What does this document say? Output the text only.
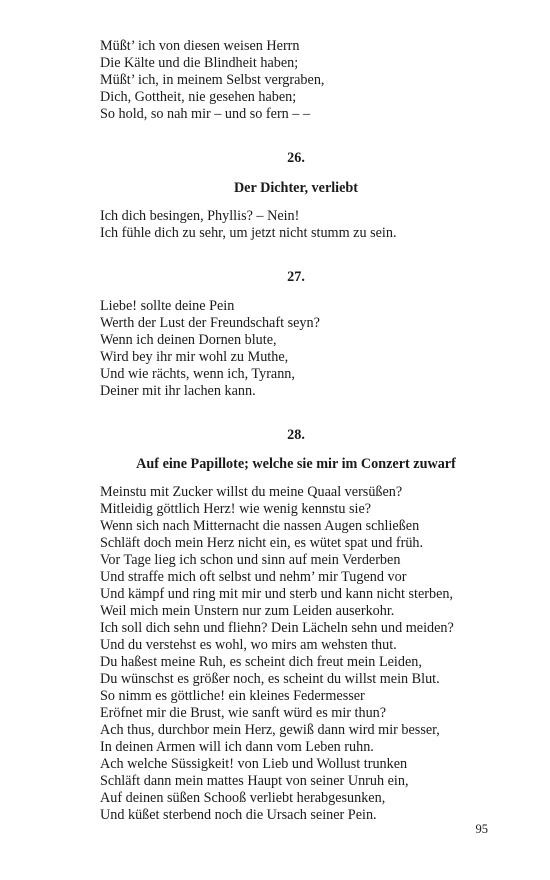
Müßt’ ich von diesen weisen Herrn
Die Kälte und die Blindheit haben;
Müßt’ ich, in meinem Selbst vergraben,
Dich, Gottheit, nie gesehen haben;
So hold, so nah mir – und so fern – –
26.
Der Dichter, verliebt
Ich dich besingen, Phyllis? – Nein!
Ich fühle dich zu sehr, um jetzt nicht stumm zu sein.
27.
Liebe! sollte deine Pein
Werth der Lust der Freundschaft seyn?
Wenn ich deinen Dornen blute,
Wird bey ihr mir wohl zu Muthe,
Und wie rächts, wenn ich, Tyrann,
Deiner mit ihr lachen kann.
28.
Auf eine Papillote; welche sie mir im Conzert zuwarf
Meinstu mit Zucker willst du meine Quaal versüßen?
Mitleidig göttlich Herz! wie wenig kennstu sie?
Wenn sich nach Mitternacht die nassen Augen schließen
Schläft doch mein Herz nicht ein, es wütet spat und früh.
Vor Tage lieg ich schon und sinn auf mein Verderben
Und straffe mich oft selbst und nehm’ mir Tugend vor
Und kämpf und ring mit mir und sterb und kann nicht sterben,
Weil mich mein Unstern nur zum Leiden auserkohr.
Ich soll dich sehn und fliehn? Dein Lächeln sehn und meiden?
Und du verstehst es wohl, wo mirs am wehsten thut.
Du haßest meine Ruh, es scheint dich freut mein Leiden,
Du wünschst es größer noch, es scheint du willst mein Blut.
So nimm es göttliche! ein kleines Federmesser
Eröfnet mir die Brust, wie sanft würd es mir thun?
Ach thus, durchbor mein Herz, gewiß dann wird mir besser,
In deinen Armen will ich dann vom Leben ruhn.
Ach welche Süssigkeit! von Lieb und Wollust trunken
Schläft dann mein mattes Haupt von seiner Unruh ein,
Auf deinen süßen Schooß verliebt herabgesunken,
Und küßet sterbend noch die Ursach seiner Pein.
95
